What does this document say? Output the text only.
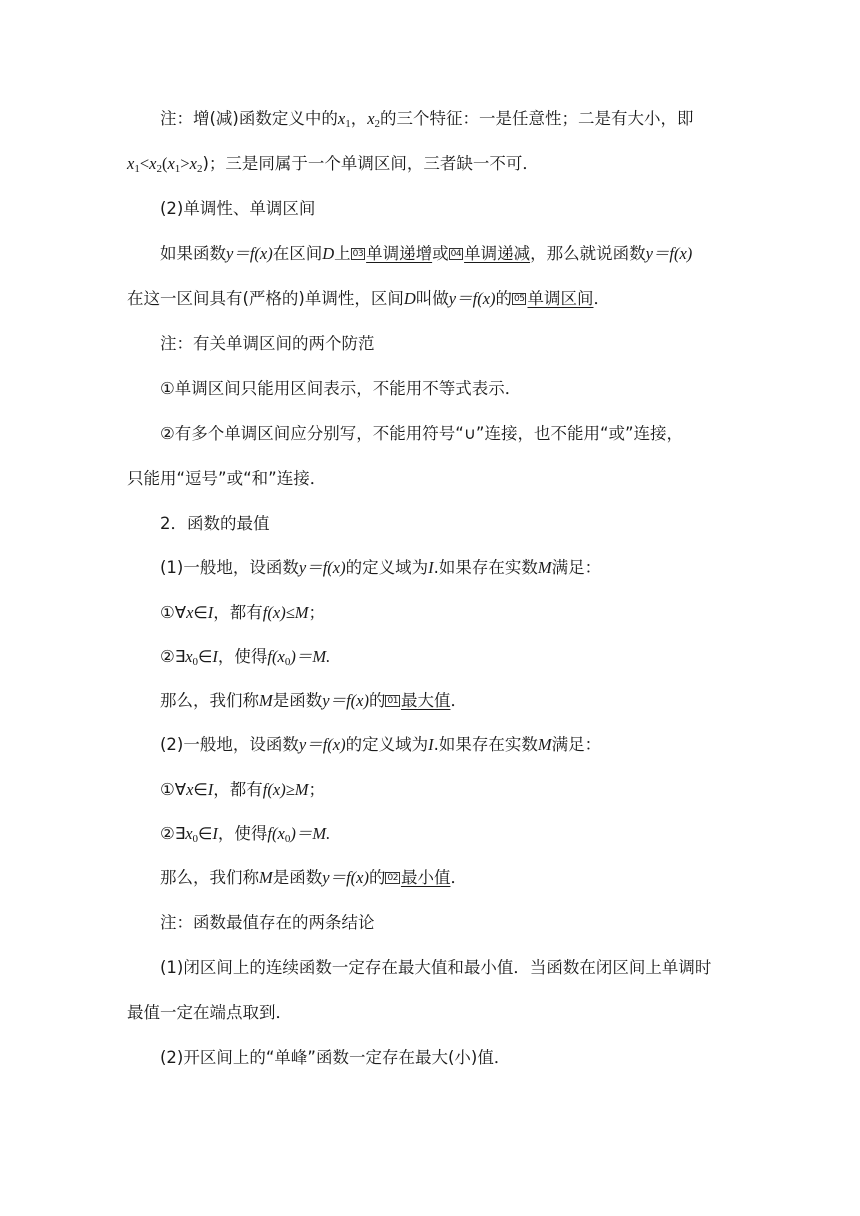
注：增(减)函数定义中的$x_1$，$x_2$的三个特征：一是任意性；二是有大小，即
$x_1<x_2(x_1>x_2)$；三是同属于一个单调区间，三者缺一不可．
(2)单调性、单调区间
如果函数y＝f(x)在区间D上 03 单调递增或 04 单调递减，那么就说函数y＝f(x)
在这一区间具有(严格的)单调性，区间D叫做y＝f(x)的 05 单调区间．
注：有关单调区间的两个防范
①单调区间只能用区间表示，不能用不等式表示．
②有多个单调区间应分别写，不能用符号“∪”连接，也不能用“或”连接，
只能用“逗号”或“和”连接．
2．函数的最值
(1)一般地，设函数y＝f(x)的定义域为I.如果存在实数M满足：
①∀x∈I，都有f(x)≤M；
$②\exists x_0\in I$，使得$f(x_0)=M$.
那么，我们称M是函数y＝f(x)的 01 最大值．
(2)一般地，设函数y＝f(x)的定义域为I.如果存在实数M满足：
①∀x∈I，都有f(x)≥M；
$②\exists x_0\in I$，使得$f(x_0)=M$.
那么，我们称M是函数y＝f(x)的 02 最小值．
注：函数最值存在的两条结论
(1)闭区间上的连续函数一定存在最大值和最小值．当函数在闭区间上单调时
最值一定在端点取到．
(2)开区间上的“单峰”函数一定存在最大(小)值．
